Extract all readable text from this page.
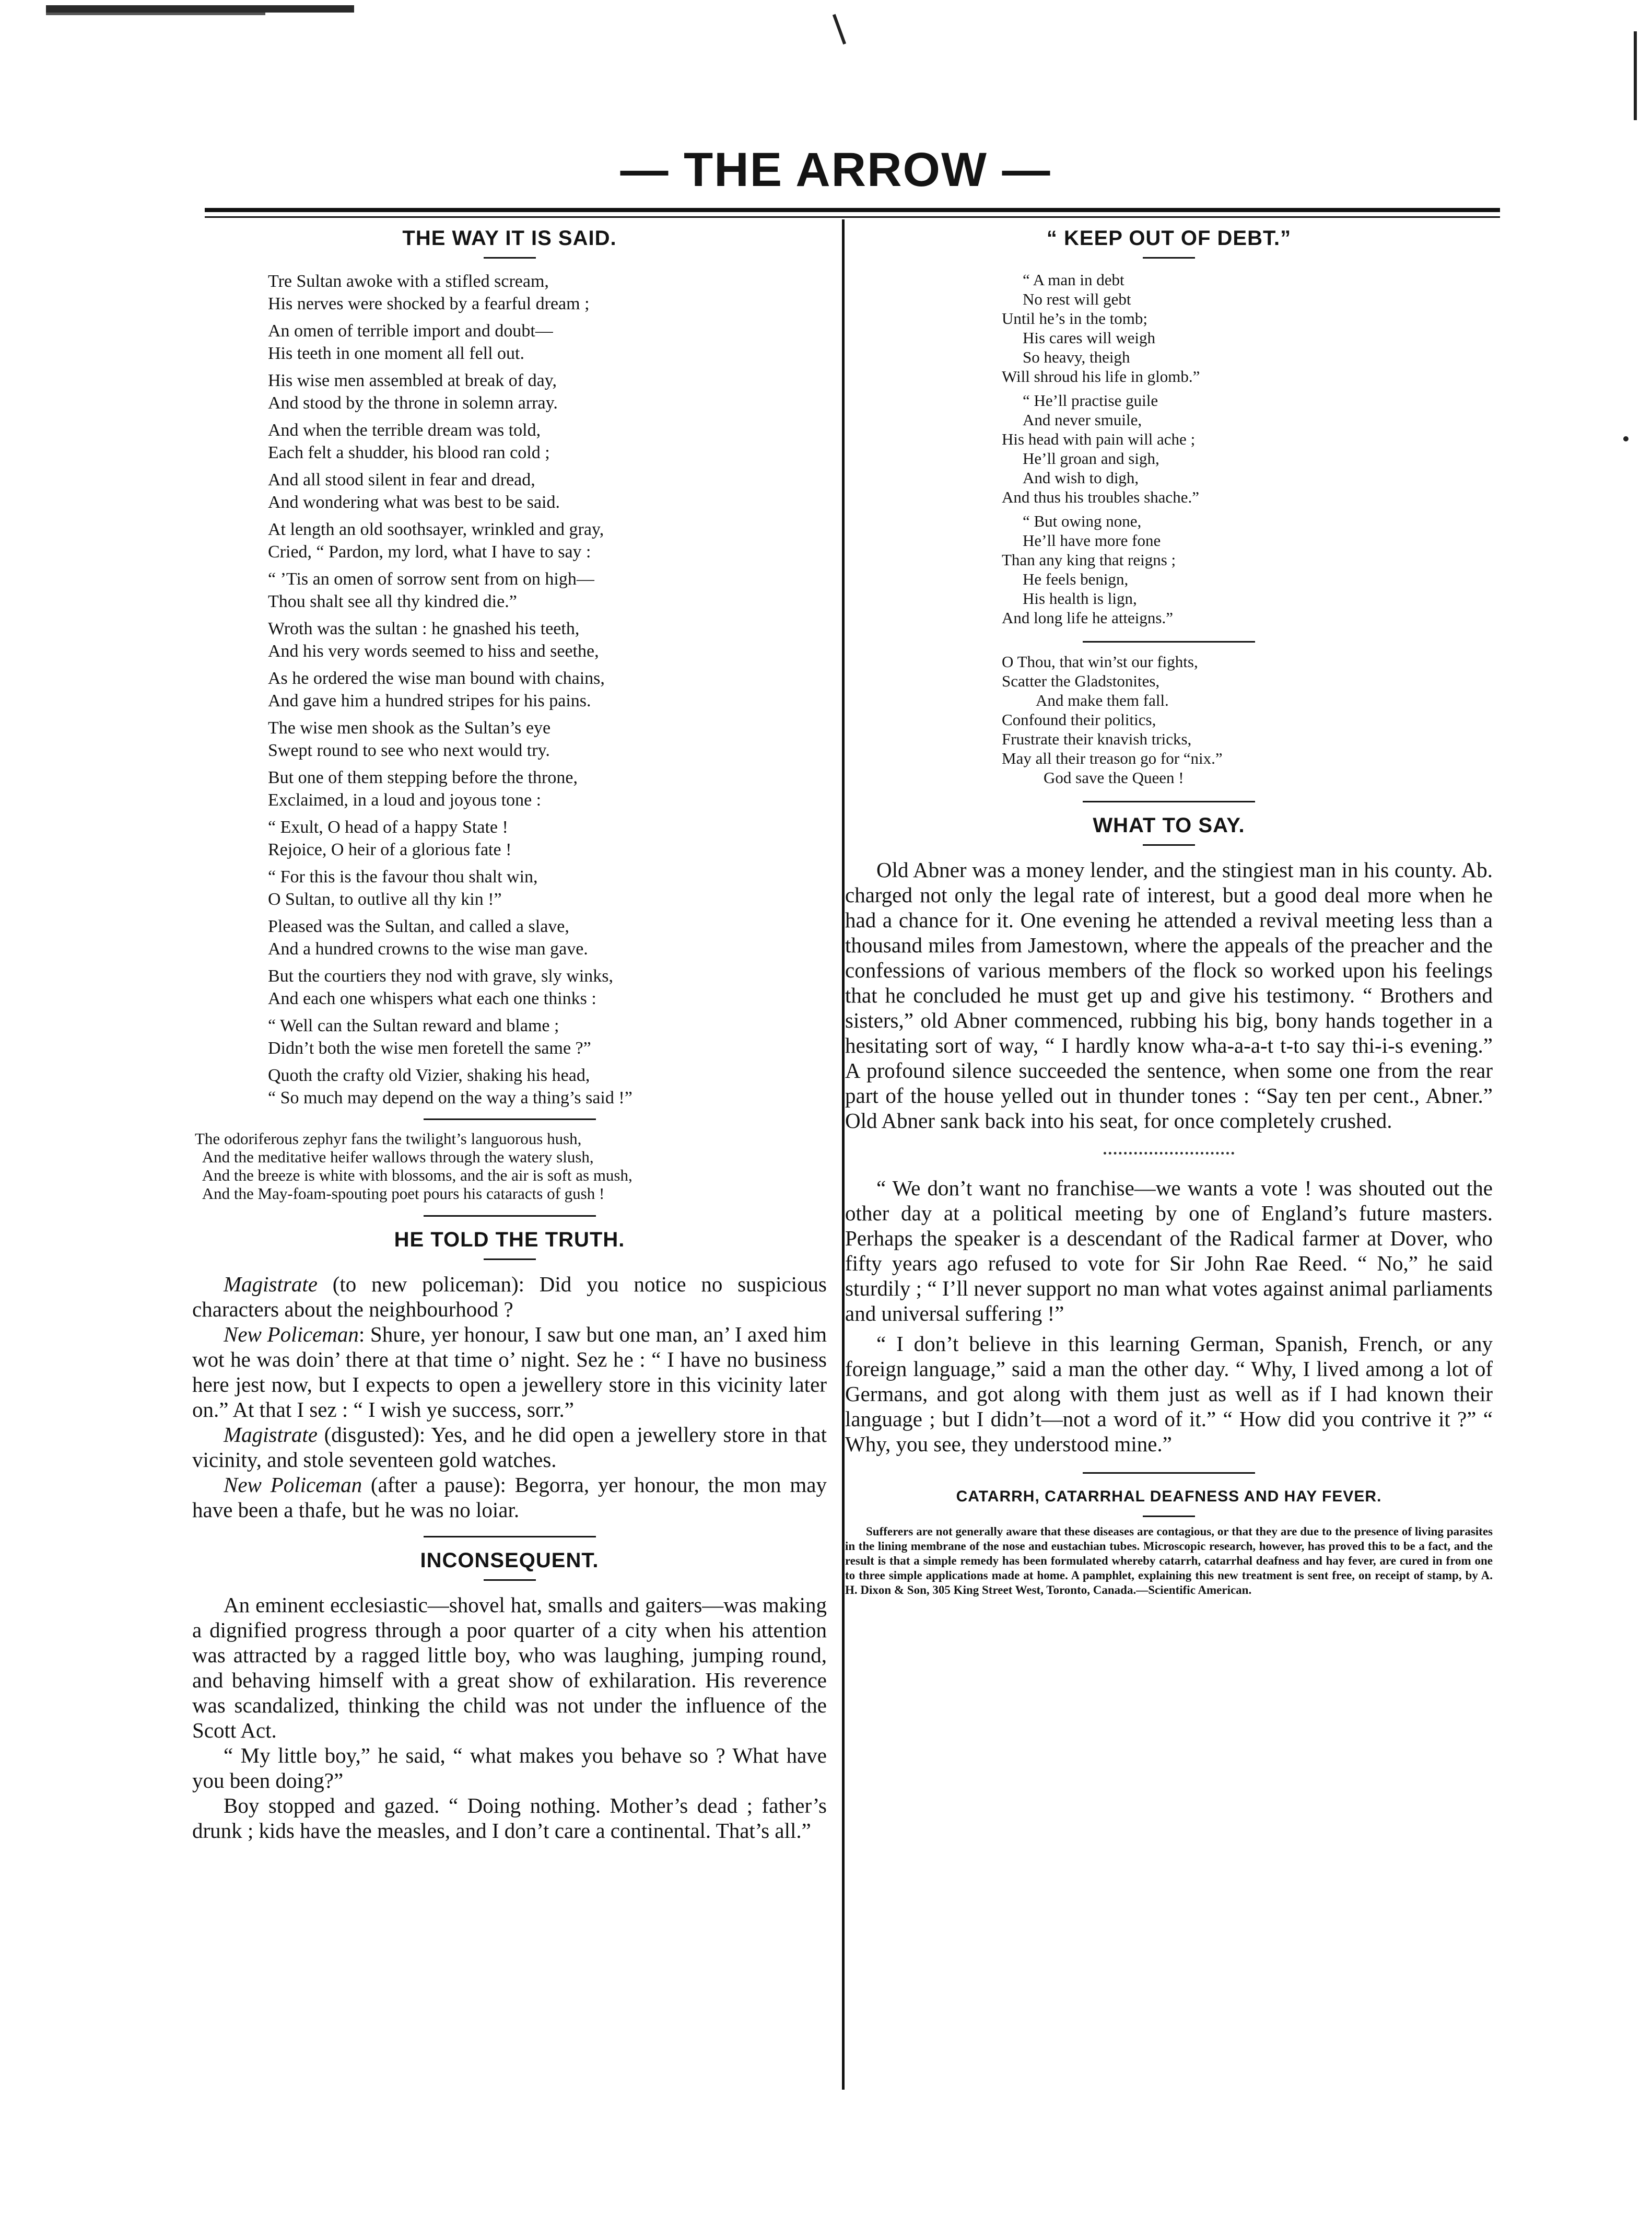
— THE ARROW —
THE WAY IT IS SAID.
Tre Sultan awoke with a stifled scream,
His nerves were shocked by a fearful dream ;
An omen of terrible import and doubt—
His teeth in one moment all fell out.
His wise men assembled at break of day,
And stood by the throne in solemn array.
And when the terrible dream was told,
Each felt a shudder, his blood ran cold ;
And all stood silent in fear and dread,
And wondering what was best to be said.
At length an old soothsayer, wrinkled and gray,
Cried, “ Pardon, my lord, what I have to say :
“ ’Tis an omen of sorrow sent from on high—
Thou shalt see all thy kindred die.”
Wroth was the sultan : he gnashed his teeth,
And his very words seemed to hiss and seethe,
As he ordered the wise man bound with chains,
And gave him a hundred stripes for his pains.
The wise men shook as the Sultan’s eye
Swept round to see who next would try.
But one of them stepping before the throne,
Exclaimed, in a loud and joyous tone :
“ Exult, O head of a happy State !
Rejoice, O heir of a glorious fate !
“ For this is the favour thou shalt win,
O Sultan, to outlive all thy kin !”
Pleased was the Sultan, and called a slave,
And a hundred crowns to the wise man gave.
But the courtiers they nod with grave, sly winks,
And each one whispers what each one thinks :
“ Well can the Sultan reward and blame ;
Didn’t both the wise men foretell the same ?”
Quoth the crafty old Vizier, shaking his head,
“ So much may depend on the way a thing’s said !”
The odoriferous zephyr fans the twilight’s languorous hush,
And the meditative heifer wallows through the watery slush,
And the breeze is white with blossoms, and the air is soft as mush,
And the May-foam-spouting poet pours his cataracts of gush !
HE TOLD THE TRUTH.

Magistrate (to new policeman): Did you notice no suspicious characters about the neighbourhood ?

New Policeman: Shure, yer honour, I saw but one man, an’ I axed him wot he was doin’ there at that time o’ night. Sez he : “ I have no business here jest now, but I expects to open a jewellery store in this vicinity later on.” At that I sez : “ I wish ye success, sorr.”

Magistrate (disgusted): Yes, and he did open a jewellery store in that vicinity, and stole seventeen gold watches.

New Policeman (after a pause): Begorra, yer honour, the mon may have been a thafe, but he was no loiar.

INCONSEQUENT.

An eminent ecclesiastic—shovel hat, smalls and gaiters—was making a dignified progress through a poor quarter of a city when his attention was attracted by a ragged little boy, who was laughing, jumping round, and behaving himself with a great show of exhilaration. His reverence was scandalized, thinking the child was not under the influence of the Scott Act.

“ My little boy,” he said, “ what makes you behave so ? What have you been doing?”

Boy stopped and gazed. “ Doing nothing. Mother’s dead ; father’s drunk ; kids have the measles, and I don’t care a continental. That’s all.”

“ KEEP OUT OF DEBT.”
“ A man in debt
No rest will gebt
Until he’s in the tomb;
His cares will weigh
So heavy, theigh
Will shroud his life in glomb.”
“ He’ll practise guile
And never smuile,
His head with pain will ache ;
He’ll groan and sigh,
And wish to digh,
And thus his troubles shache.”
“ But owing none,
He’ll have more fone
Than any king that reigns ;
He feels benign,
His health is lign,
And long life he atteigns.”
O Thou, that win’st our fights,
Scatter the Gladstonites,
And make them fall.
Confound their politics,
Frustrate their knavish tricks,
May all their treason go for “nix.”
God save the Queen !
WHAT TO SAY.

Old Abner was a money lender, and the stingiest man in his county. Ab. charged not only the legal rate of interest, but a good deal more when he had a chance for it. One evening he attended a revival meeting less than a thousand miles from Jamestown, where the appeals of the preacher and the confessions of various members of the flock so worked upon his feelings that he concluded he must get up and give his testimony. “ Brothers and sisters,” old Abner commenced, rubbing his big, bony hands together in a hesitating sort of way, “ I hardly know wha-a-a-t t-to say thi-i-s evening.” A profound silence succeeded the sentence, when some one from the rear part of the house yelled out in thunder tones : “Say ten per cent., Abner.” Old Abner sank back into his seat, for once completely crushed.

“ We don’t want no franchise—we wants a vote ! was shouted out the other day at a political meeting by one of England’s future masters. Perhaps the speaker is a descendant of the Radical farmer at Dover, who fifty years ago refused to vote for Sir John Rae Reed. “ No,” he said sturdily ; “ I’ll never support no man what votes against animal parliaments and universal suffering !”

“ I don’t believe in this learning German, Spanish, French, or any foreign language,” said a man the other day. “ Why, I lived among a lot of Germans, and got along with them just as well as if I had known their language ; but I didn’t—not a word of it.” “ How did you contrive it ?” “ Why, you see, they understood mine.”

CATARRH, CATARRHAL DEAFNESS AND HAY FEVER.

Sufferers are not generally aware that these diseases are contagious, or that they are due to the presence of living parasites in the lining membrane of the nose and eustachian tubes. Microscopic research, however, has proved this to be a fact, and the result is that a simple remedy has been formulated whereby catarrh, catarrhal deafness and hay fever, are cured in from one to three simple applications made at home. A pamphlet, explaining this new treatment is sent free, on receipt of stamp, by A. H. Dixon & Son, 305 King Street West, Toronto, Canada.—Scientific American.
